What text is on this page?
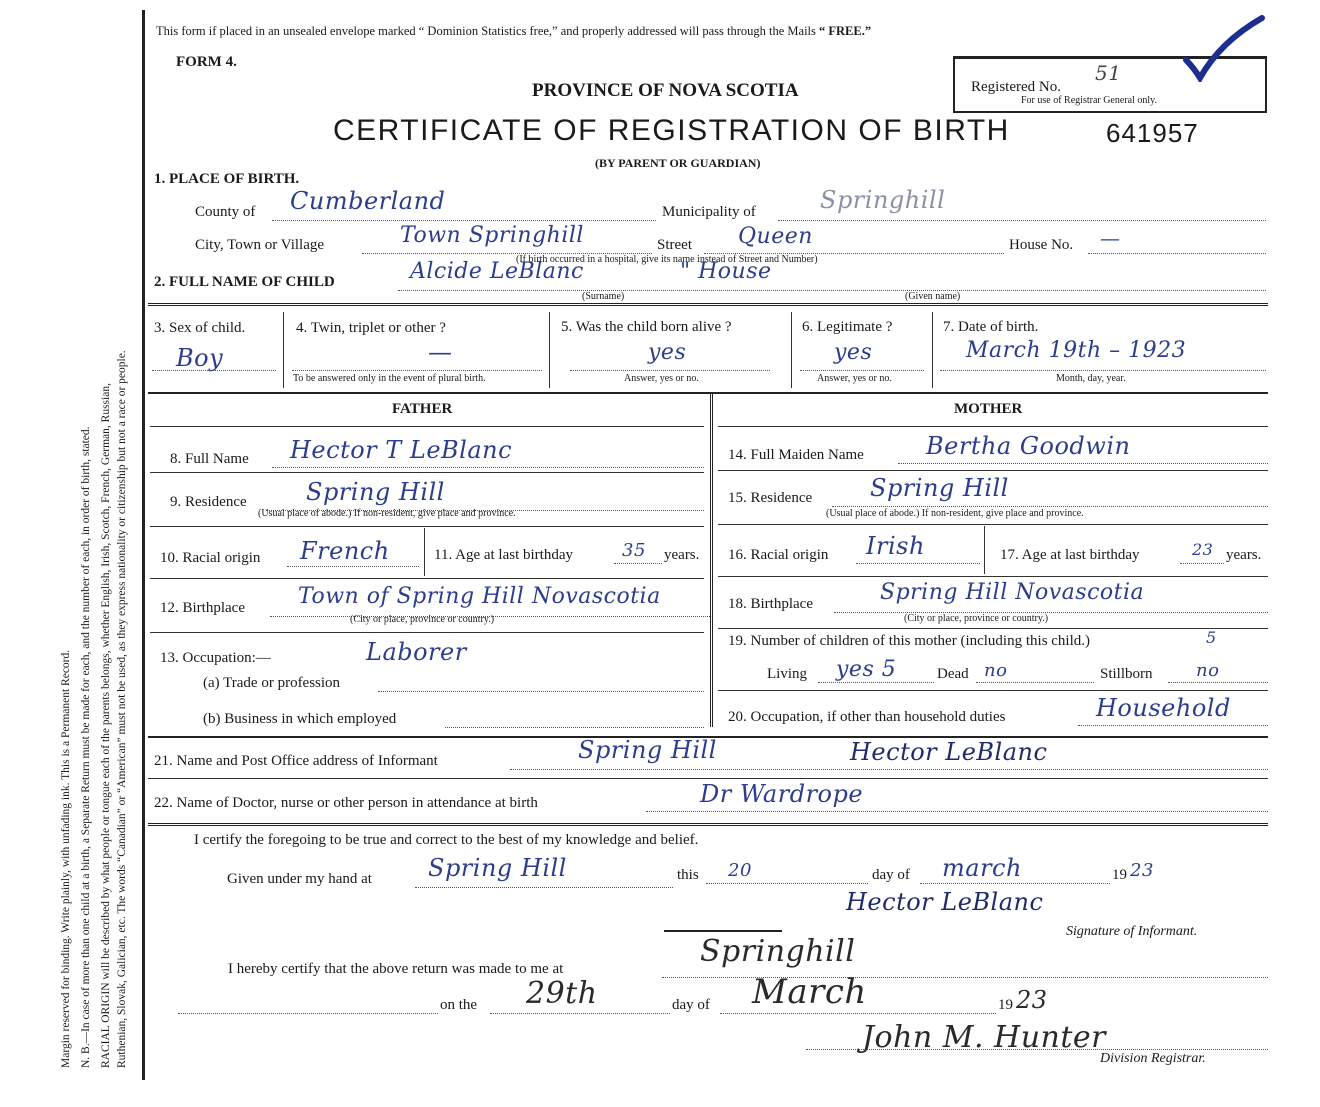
This form if placed in an unsealed envelope marked “ Dominion Statistics free,” and properly addressed will pass through the Mails “ FREE.”
FORM 4.
PROVINCE OF NOVA SCOTIA
CERTIFICATE OF REGISTRATION OF BIRTH	641957
(BY PARENT OR GUARDIAN)
Registered No.
51
For use of Registrar General only.
Margin reserved for binding. Write plainly, with unfading ink. This is a Permanent Record. N. B.—In case of more than one child at a birth, a Separate Return must be made for each, and the number of each, in order of birth, stated. RACIAL ORIGIN will be described by what people or tongue each of the parents belongs, whether English, Irish, Scotch, French, German, Russian, Ruthenian, Slovak, Galician, etc. The words “Canadian” or “American” must not be used, as they express nationality or citizenship but not a race or people.
1. PLACE OF BIRTH.
County of Cumberland	Municipality of	Springhill
City, Town or Village	Town Springhill	Street Queen	House No. —
(If birth occurred in a hospital, give its name instead of Street and Number)
2. FULL NAME OF CHILD	Alcide LeBlanc	" House
(Surname)	(Given name)
3. Sex of child.
Boy
4. Twin, triplet or other ?
—
To be answered only in the event of plural birth.
5. Was the child born alive ?
yes
Answer, yes or no.
6. Legitimate ?
yes
Answer, yes or no.
7. Date of birth.
March 19th – 1923
Month, day, year.
FATHER	MOTHER
8. Full Name Hector T LeBlanc
9. Residence Spring Hill
(Usual place of abode.) If non-resident, give place and province.
10. Racial origin French	11. Age at last birthday	35 years.
12. Birthplace Town of Spring Hill Novascotia
(City or place, province or country.)
13. Occupation:—	Laborer
(a) Trade or profession
(b) Business in which employed
14. Full Maiden Name	Bertha Goodwin
15. Residence Spring Hill
(Usual place of abode.) If non-resident, give place and province.
16. Racial origin Irish	17. Age at last birthday	23 years.
18. Birthplace	Spring Hill Novascotia
(City or place, province or country.)
19. Number of children of this mother (including this child.)	5
Living yes 5	Dead no	Stillborn no
20. Occupation, if other than household duties	Household
21. Name and Post Office address of Informant	Spring Hill	Hector LeBlanc
22. Name of Doctor, nurse or other person in attendance at birth	Dr Wardrope
I certify the foregoing to be true and correct to the best of my knowledge and belief.
Given under my hand at Spring Hill	this 20	day of march	19 23
Hector LeBlanc
Signature of Informant.
I hereby certify that the above return was made to me at	Springhill
on the 29th	day of March	19 23
John M. Hunter
Division Registrar.
